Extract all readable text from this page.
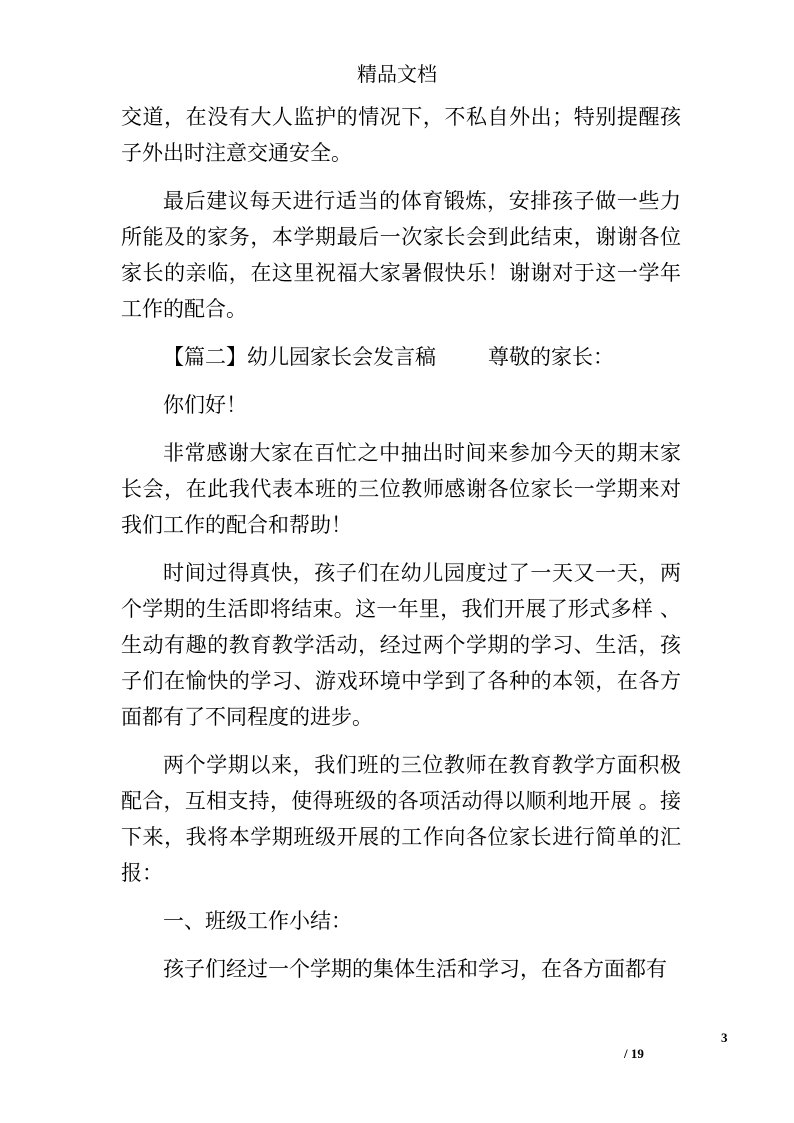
精品文档

交道，在没有大人监护的情况下，不私自外出；特别提醒孩子外出时注意交通安全。

最后建议每天进行适当的体育锻炼，安排孩子做一些力所能及的家务，本学期最后一次家长会到此结束，谢谢各位家长的亲临，在这里祝福大家暑假快乐！谢谢对于这一学年工作的配合。

【篇二】幼儿园家长会发言稿 尊敬的家长：

你们好！

非常感谢大家在百忙之中抽出时间来参加今天的期末家长会，在此我代表本班的三位教师感谢各位家长一学期来对我们工作的配合和帮助！

时间过得真快，孩子们在幼儿园度过了一天又一天，两个学期的生活即将结束。这一年里，我们开展了形式多样 、生动有趣的教育教学活动，经过两个学期的学习、生活，孩子们在愉快的学习、游戏环境中学到了各种的本领，在各方面都有了不同程度的进步。

两个学期以来，我们班的三位教师在教育教学方面积极配合，互相支持，使得班级的各项活动得以顺利地开展 。接下来，我将本学期班级开展的工作向各位家长进行简单的汇报：

一、班级工作小结：

孩子们经过一个学期的集体生活和学习，在各方面都有

3
/ 19
